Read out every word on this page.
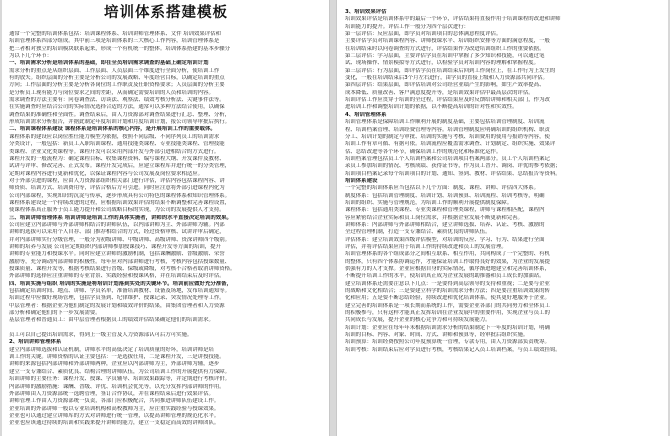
培训体系搭建模板
通常一个完整的培训体系包括：培训课程体系、培训讲师管理体系、文件 培训效果评估和
培训管理体系四部分组成。其中前三项是培训体系的三大核心工作内容，培训管理体系是
把三者相对独立的培训模块联系起来，形成一个有机统一的整体。培训体系搭建的基本步骤分
为以下几个环节：
一、培训需求分析是培训体系的基础，即在全员培训需求调查的基础上确定培训计划
需求分析的重点是从组织层面、工作层面、人员层面三个维度进行全面分析，使培训工作
有的放矢。组织层面的分析主要是分析公司的发展战略、年度经营目标，以确定培训的重点
方向；工作层面的分析主要是分析各岗位的工作职责及任职资格要求；人员层面的分析主要
是分析员工现有能力与岗位要求之间的差距，从而确定需要培训的人员和培训的内容。
需求调查的方法主要有：问卷调查法、访谈法、观察法、绩效考核分析法、关键事件法等。
在实施调查时应结合公司的实际情况选择合适的方法，通常可以多种方法结合使用，以确保
调查结果的准确性和全面性。调查结束后，由人力资源部对调查结果进行汇总、整理、分析，
形成培训需求分析报告，并据此制定年度培训计划和月度培训计划，报公司领导审批后执行。
二、培训课程体系建设 课程体系是培训体系的核心内容，是开展培训工作的重要载体。
课程体系的建设应以岗位胜任能力模型为依据，按照不同层级、不同序列员工的培训需求
分类设计，一般包括：新员工入职培训课程、通用技能类课程、专业技能类课程、管理技能
类课程、企业文化类课程等。课程开发可以采用内部开发与外部引进相结合的方式进行。
课程开发的一般流程为：确定课程目标、收集课程资料、编写课程大纲、开发课件及教材、
试讲与评审、修改完善、正式发布。课程开发完成后，应建立课程库并进行统一的分类管理，
定期对课程内容进行更新和优化，以保证课程内容与公司发展及岗位要求相适应。
对于外部引进的课程，应由人力资源部组织相关部门进行评估，评估内容包括课程内容、讲
师资质、培训方式、培训费用等，评估合格后方可引进。同时应注意将外部引进课程内化为
公司内部课程，实现知识的沉淀与传承，逐步形成具有公司特色的课程体系和知识管理体系。
课程体系建设是一个持续改进的过程，应根据培训效果评估的结果不断调整和完善课程设置，
使课程体系真正服务于员工能力提升和公司战略目标的实现，为公司的发展提供人才支持。
三、培训讲师管理体系 培训讲师是培训工作的具体实施者，讲师的水平直接决定培训的效果。
公司应建立内部讲师与外部讲师相结合的讲师队伍，以内部讲师为主、外部讲师为辅。内部
讲师的选拔可以采用个人自荐、部门推荐相结合的方式，经过资格审核、试讲评审后确定，
并对内部讲师实行分级管理，一般分为初级讲师、中级讲师、高级讲师、资深讲师四个级别。
讲师的培养与发展 公司应定期组织内部讲师参加授课技巧、课程开发等方面的培训，提升
讲师的专业能力和授课水平。同时应建立讲师的激励机制，包括课酬激励、晋级激励、荣誉
激励等，充分调动内部讲师的积极性。每年应对内部讲师进行考核，考核内容包括授课数量、
授课质量、课程开发等，根据考核结果进行晋级、保级或降级，对考核不合格者取消讲师资格。
外部讲师的选择应注重讲师的专业背景、实践经验和授课风格，并在培训结束后及时评估。
四、培训实施与组织 培训的实施是将培训计划落到实处的关键环节。培训前应做好充分准备，
包括确定培训时间、地点、讲师、学员名单，准备培训教材、设备及场地，发布培训通知等。
培训过程中应做好现场管理，包括学员签到、纪律维护、授课记录、突发情况处理等工作。
中层管理者：根据企业为他们制定的发展计划和绩效评价的结果，由集团管理者和人力资源
部分析和确定他们的下一步发展需要。
基层管理者和普通员工：由中层管理者根据员工的绩效评估结果确定他们的培训需求。
员工可以自己提出培训需求，得到上一级主管及人力资源部认可后方可实施。
2、培训讲师管理体系
建立内部讲师选拔和认证机制，讲师水平的高低决定了培训质量的好坏，培训讲师是培
训工作的关键。讲师资格的认证主要包括：一是选拔任用，二是课程开发，三是讲授技能。
讲师的来源包括内部讲师和外部讲师两种，企业应以内部讲师为主，外部讲师为辅，逐步
建立一支专兼结合、素质优良、结构合理的讲师队伍，为公司培训工作的开展提供有力保障。
培训讲师的主要任务：课程开发、授课、学员辅导、培训效果跟踪等，并定期进行考核评价。
内部讲师的激励措施：课酬、晋级、评优、培训机会优先等，以充分发挥内部讲师的作用。
外部讲师由人力资源部统一选聘管理，签订合作协议，并在课程结束后进行效果评估。
讲师管理工作由人力资源部统一负责，各部门应积极配合，共同推进讲师队伍建设工作。
企业培训的外部讲师一般以专业培训机构和高校教师为主，应注重实践经验与授课效果。
企业也可以通过建立讲师库的方式对讲师进行统一管理，以提高讲师管理的规范化水平。
企业也应该通过持续的培训和实践来提升讲师的能力，建立一支稳定而高效的讲师团队。
3、培训效果评估
培训效果评估是培训体系中的最后一个环节，评估结果将直接作用于培训课程的改进和讲师
培训能力的提升。评估工作一般分为四个层次进行：
第一层评估：反应层面，即学员对培训项目的总体满意程度评估。
主要评估学员对培训课程内容、讲师授课水平、培训组织安排等方面的满意程度，一般
在培训结束时以问卷调查的方式进行，评估结果作为改进培训组织工作的重要依据。
第二层评估：学习层面，主要评估学员在培训中掌握了多少知识和技能，可以通过笔
试、现场操作、情景模拟等方式进行，以检验学员对培训内容的理解和掌握程度。
第三层评估：行为层面，即评估学员在培训结束后回到工作岗位上，在工作行为上发生的
变化，一般在培训结束后3个月左右进行，由学员的直接上级和人力资源部共同评估。
第四层评估：结果层面，即评估培训对公司经营业绩产生的影响，如生产效率提高、
成本降低、质量改善、客户满意度提升等，是培训效果评估中最高层次的评估。
培训评估工作应贯穿于培训的全过程，评估结果应及时反馈给讲师和相关部门，作为改
进培训工作和调整培训计划的依据，以不断提高培训的针对性和实效性。
4、培训管理体系
培训管理体系是保障培训工作顺利开展的制度基础，主要包括培训管理制度、培训流
程、培训档案管理、培训经费管理等内容。培训管理制度应明确培训的组织机构、职责
分工、培训计划的制定与审批、培训的实施与考核、培训费用的使用与报销等内容，使
培训工作有章可循、有据可依。培训流程应覆盖需求调查、计划制定、组织实施、效果评
估、总结改进等各个环节，确保培训工作的规范化和标准化运作。
培训档案管理包括员工个人培训档案和公司培训项目档案两部分。员工个人培训档案记
录员工参加培训的情况、考核成绩、获得证书等，作为员工晋升、调岗、评优的参考依据；
培训项目档案记录每个培训项目的计划、通知、签到、教材、评估结果、总结报告等资料。
培训体系建设
一个完整的培训体系应当包括以下几个方面：制度、课程、讲师、评估四大体系。
制度体系：包括培训管理制度、培训计划、培训预算、培训流程、培训考核等，明确
培训的组织、实施与管理规范，为培训工作的顺利开展提供制度保障。
课程体系：包括通用类课程、专业类课程和管理类课程，讲师与课程相匹配，课程内
容应紧密结合企业实际和员工岗位需求，并根据企业发展不断更新和完善。
讲师体系：内部讲师与外部讲师相结合，建立讲师选拔、培养、认证、考核、激励的
全过程管理机制，打造一支专兼结合、素质优良的讲师队伍。
评估体系：建立培训效果四级评估模型，对培训的反应、学习、行为、结果进行全面
评估，并将评估结果应用于培训工作的持续改进和员工的发展管理。
培训管理体系的各个组成部分之间相互联系、相互作用，共同构成了一个完整的、有机
的整体，只有四个体系协调运作，才能保证培训工作取得良好的效果，为企业的发展提
供强有力的人才支撑。企业应根据自身的实际情况，循序渐进地建立和完善培训体系，
不断提升培训工作的水平，使培训真正成为企业发展的助推器和员工成长的加油站。
建立培训体系还需要注意以下几点：一是要得到高层领导的支持和重视；二是要与企业
的战略和文化相结合；三是要建立科学的培训需求分析方法；四是要注重培训效果的转
化和应用；五是要不断总结经验，持续改进和优化培训体系，使其更好地服务于企业。
建立完善的培训体系是一项长期而系统的工作，需要企业各部门的共同努力和全体员工
的积极参与，只有这样才能真正发挥培训在企业发展中的重要作用，实现企业与员工的
共同成长与发展，提升企业的核心竞争力和可持续发展能力。
培训计划：企业应在每年年末根据培训需求分析的结果制定下一年度的培训计划，明确
培训的目标、内容、对象、时间、方式、讲师和预算等，经审批后组织实施。
培训预算：培训经费按照公司年度预算统一管理，专款专用，由人力资源部负责统筹。
培训考核：培训结束后应对学员进行考核，考核结果记入员工培训档案，与员工绩效挂钩。
